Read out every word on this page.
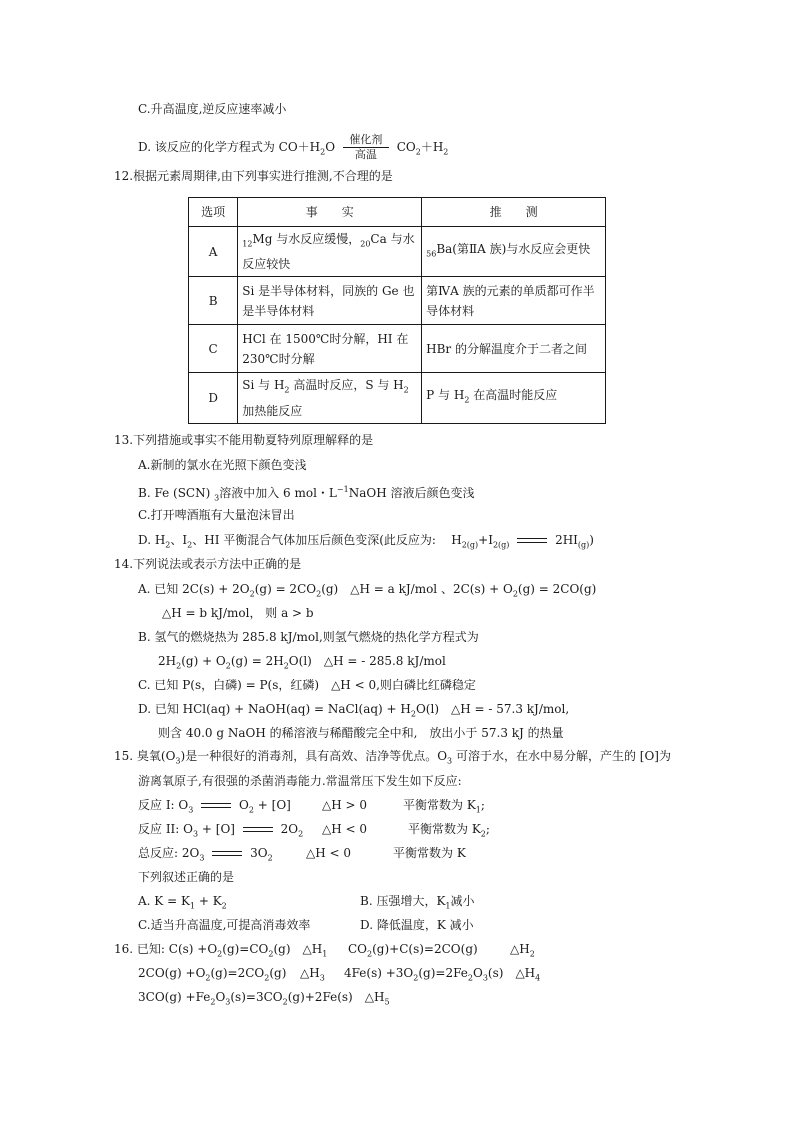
C.升高温度,逆反应速率减小
D. 该反应的化学方程式为 $CO+H_2O$
催化剂
高温
$CO_2+H_2$
12.根据元素周期律,由下列事实进行推测,不合理的是
选项	事　　实	推　　测
A	$_{12}$Mg 与水反应缓慢，$_{20}$Ca 与水反应较快	$_{56}$Ba(第ⅡA 族)与水反应会更快
B	Si 是半导体材料，同族的 Ge 也是半导体材料	第ⅣA 族的元素的单质都可作半导体材料
C	HCl 在 1500℃时分解，HI 在 230℃时分解	HBr 的分解温度介于二者之间
D	Si 与 $H_2$ 高温时反应，S 与 $H_2$ 加热能反应	P 与 $H_2$ 在高温时能反应
13.下列措施或事实不能用勒夏特列原理解释的是
A.新制的氯水在光照下颜色变浅
B. Fe (SCN) $_3$溶液中加入 6 mol・$L^{-1}NaOH$ 溶液后颜色变浅
C.打开啤酒瓶有大量泡沫冒出
D. $H_2$、$I_2$、HI 平衡混合气体加压后颜色变深(此反应为: $H_{2(g)}+I_{2(g)}$	$2HI_{(g)}$)
14.下列说法或表示方法中正确的是
A. 已知 $2C(s) + 2O_2(g) = 2CO_2(g)$　△H = a kJ/mol 、$2C(s) + O_2(g) = 2CO(g)$
△H = b kJ/mol， 则 a > b
B. 氢气的燃烧热为 285.8 kJ/mol,则氢气燃烧的热化学方程式为
$2H_2(g) + O_2(g) = 2H_2O(l)$　△H = - 285.8 kJ/mol
C. 已知 P(s，白磷) = P(s，红磷)　△H < 0,则白磷比红磷稳定
D. 已知 HCl(aq) + NaOH(aq) = NaCl(aq) + $H_2O(l)$　△H = - 57.3 kJ/mol,
则含 40.0 g NaOH 的稀溶液与稀醋酸完全中和,　放出小于 57.3 kJ 的热量
15. 臭氧$(O_3)$是一种很好的消毒剂，具有高效、洁净等优点。$O_3$ 可溶于水，在水中易分解，产生的 [O]为
游离氧原子,有很强的杀菌消毒能力.常温常压下发生如下反应:
反应 I: $O_3$	$O_2 + [O]$	△H > 0	平衡常数为 $K_1$;
反应 II: $O_3 + [O]$	$2O_2$ △H < 0	平衡常数为 $K_2$;
总反应: $2O_3$	$3O_2$	△H < 0	平衡常数为 K
下列叙述正确的是
A. $K = K_1 + K_2$	B. 压强增大，$K_1$减小
C.适当升高温度,可提高消毒效率	D. 降低温度，K 减小
16. 已知: $C(s) +O_2(g)=CO_2(g)$　$\triangle H_1$ $CO_2(g)+C(s)=2CO(g)$	$\triangle H_2$
$2CO(g) +O_2(g)=2CO_2(g)$ $\triangle H_3$ $4Fe(s) +3O_2(g)=2Fe_2O_3(s)$　$\triangle H_4$
$3CO(g) +Fe_2O_3(s)=3CO_2(g)+2Fe(s)$　$\triangle H_5$
